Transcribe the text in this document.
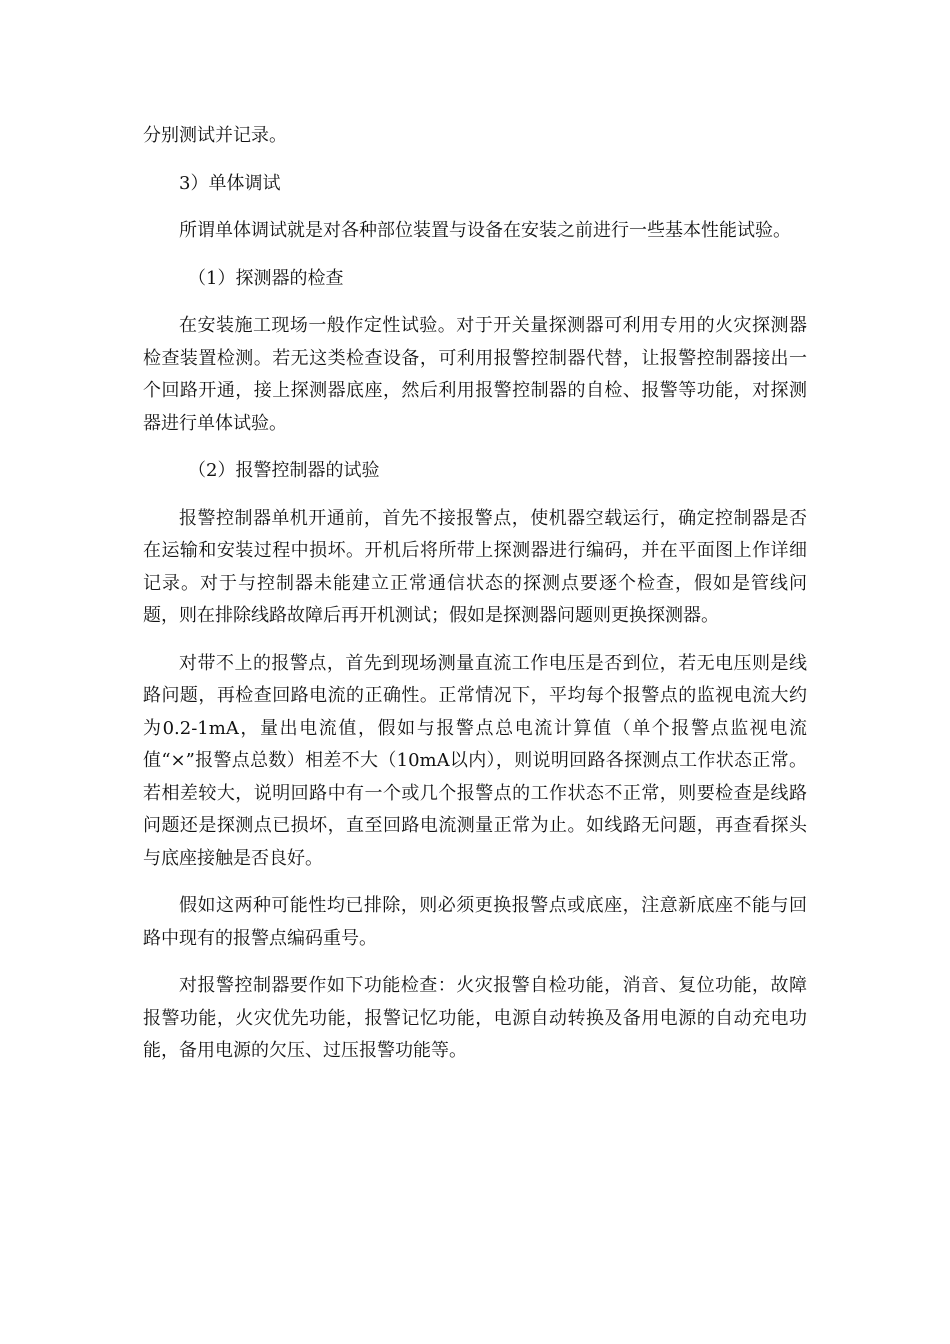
分别测试并记录。

3）单体调试

所谓单体调试就是对各种部位装置与设备在安装之前进行一些基本性能试验。

（1）探测器的检查

在安装施工现场一般作定性试验。对于开关量探测器可利用专用的火灾探测器检查装置检测。若无这类检查设备，可利用报警控制器代替，让报警控制器接出一个回路开通，接上探测器底座，然后利用报警控制器的自检、报警等功能，对探测器进行单体试验。

（2）报警控制器的试验

报警控制器单机开通前，首先不接报警点，使机器空载运行，确定控制器是否在运输和安装过程中损坏。开机后将所带上探测器进行编码，并在平面图上作详细记录。对于与控制器未能建立正常通信状态的探测点要逐个检查，假如是管线问题，则在排除线路故障后再开机测试；假如是探测器问题则更换探测器。

对带不上的报警点，首先到现场测量直流工作电压是否到位，若无电压则是线路问题，再检查回路电流的正确性。正常情况下，平均每个报警点的监视电流大约为0.2-1mA，量出电流值，假如与报警点总电流计算值（单个报警点监视电流值“×”报警点总数）相差不大（10mA以内），则说明回路各探测点工作状态正常。若相差较大，说明回路中有一个或几个报警点的工作状态不正常，则要检查是线路问题还是探测点已损坏，直至回路电流测量正常为止。如线路无问题，再查看探头与底座接触是否良好。

假如这两种可能性均已排除，则必须更换报警点或底座，注意新底座不能与回路中现有的报警点编码重号。

对报警控制器要作如下功能检查：火灾报警自检功能，消音、复位功能，故障报警功能，火灾优先功能，报警记忆功能，电源自动转换及备用电源的自动充电功能，备用电源的欠压、过压报警功能等。
